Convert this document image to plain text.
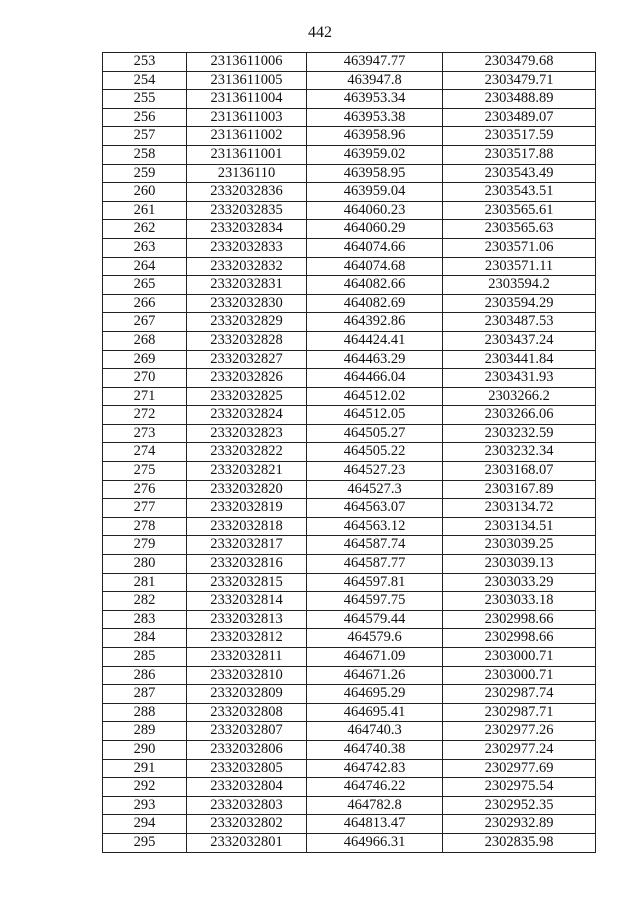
442
253	2313611006	463947.77	2303479.68
254	2313611005	463947.8	2303479.71
255	2313611004	463953.34	2303488.89
256	2313611003	463953.38	2303489.07
257	2313611002	463958.96	2303517.59
258	2313611001	463959.02	2303517.88
259	23136110	463958.95	2303543.49
260	2332032836	463959.04	2303543.51
261	2332032835	464060.23	2303565.61
262	2332032834	464060.29	2303565.63
263	2332032833	464074.66	2303571.06
264	2332032832	464074.68	2303571.11
265	2332032831	464082.66	2303594.2
266	2332032830	464082.69	2303594.29
267	2332032829	464392.86	2303487.53
268	2332032828	464424.41	2303437.24
269	2332032827	464463.29	2303441.84
270	2332032826	464466.04	2303431.93
271	2332032825	464512.02	2303266.2
272	2332032824	464512.05	2303266.06
273	2332032823	464505.27	2303232.59
274	2332032822	464505.22	2303232.34
275	2332032821	464527.23	2303168.07
276	2332032820	464527.3	2303167.89
277	2332032819	464563.07	2303134.72
278	2332032818	464563.12	2303134.51
279	2332032817	464587.74	2303039.25
280	2332032816	464587.77	2303039.13
281	2332032815	464597.81	2303033.29
282	2332032814	464597.75	2303033.18
283	2332032813	464579.44	2302998.66
284	2332032812	464579.6	2302998.66
285	2332032811	464671.09	2303000.71
286	2332032810	464671.26	2303000.71
287	2332032809	464695.29	2302987.74
288	2332032808	464695.41	2302987.71
289	2332032807	464740.3	2302977.26
290	2332032806	464740.38	2302977.24
291	2332032805	464742.83	2302977.69
292	2332032804	464746.22	2302975.54
293	2332032803	464782.8	2302952.35
294	2332032802	464813.47	2302932.89
295	2332032801	464966.31	2302835.98
